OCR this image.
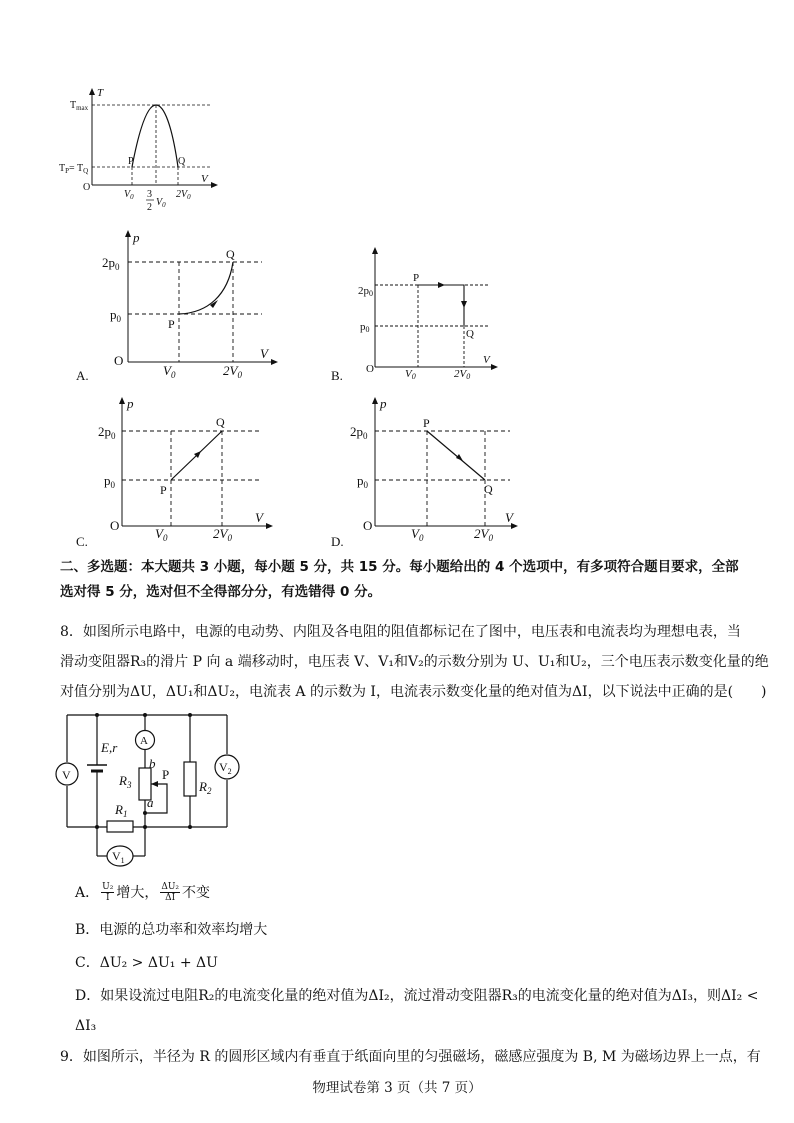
T
V
$T_{max}$
$T_P= T_Q$
O
P	Q
$V_0$ 3
2 $V_0$
$2V_0$
p
V
O
$2p_0$
$p_0$
$V_0$	$2V_0$
P
Q
A.
2p0
p0
O
V
V0	2V0
P
Q
B.
p
V
O
$2p_0$
$p_0$
$V_0$	$2V_0$
P
Q
C.
p
V
O
$2p_0$
$p_0$
$V_0$	$2V_0$
P
Q
D.
二、多选题：本大题共 3 小题，每小题 5 分，共 15 分。每小题给出的 4 个选项中，有多项符合题目要求，全部
选对得 5 分，选对但不全得部分分，有选错得 0 分。
8．如图所示电路中，电源的电动势、内阻及各电阻的阻值都标记在了图中，电压表和电流表均为理想电表，当
滑动变阻器R₃的滑片 P 向 a 端移动时，电压表 V、V₁和V₂的示数分别为 U、U₁和U₂，三个电压表示数变化量的绝
对值分别为ΔU，ΔU₁和ΔU₂，电流表 A 的示数为 I，电流表示数变化量的绝对值为ΔI，以下说法中正确的是(　　)
A
V
$V_2$
$V_1$
E,r
$R_3$
b
a
P
$R_2$
$R_1$
A． $\frac{\text{U₂}}{I}$ 增大， $\frac{\text{ΔU₂}}{\Delta I}$ 不变
B．电源的总功率和效率均增大
C．ΔU₂ > ΔU₁ + ΔU
D．如果设流过电阻R₂的电流变化量的绝对值为ΔI₂，流过滑动变阻器R₃的电流变化量的绝对值为ΔI₃，则ΔI₂ <
ΔI₃
9．如图所示，半径为 R 的圆形区域内有垂直于纸面向里的匀强磁场，磁感应强度为 B, M 为磁场边界上一点，有
物理试卷第 3 页（共 7 页）
